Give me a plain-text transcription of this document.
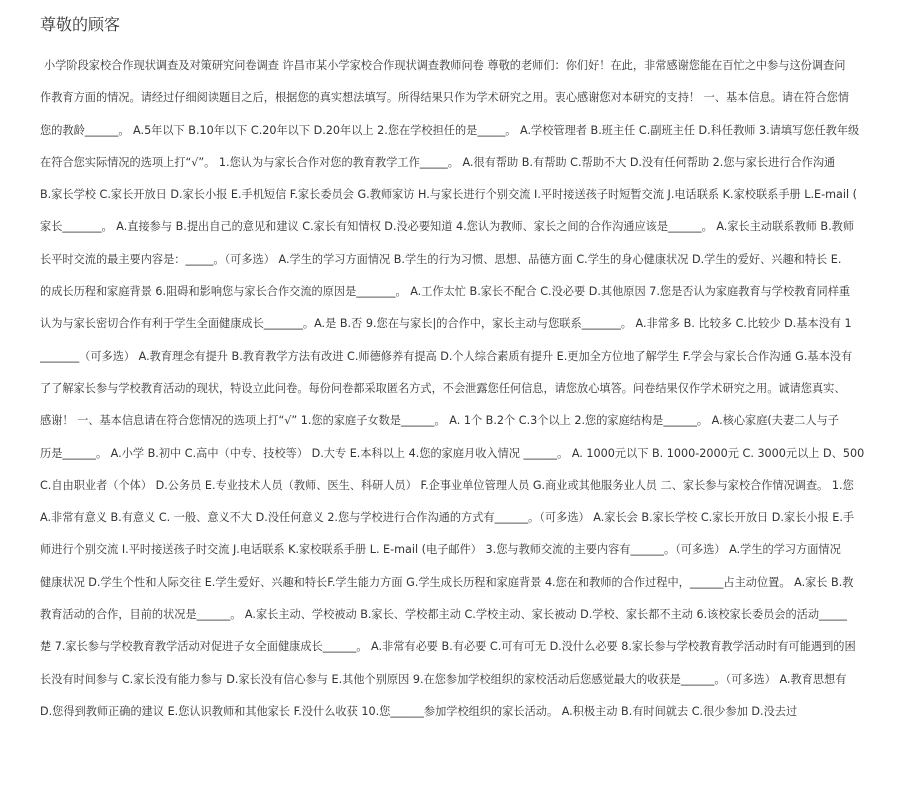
尊敬的顾客
小学阶段家校合作现状调查及对策研究问卷调查 许昌市某小学家校合作现状调查教师问卷 尊敬的老师们：你们好！在此，非常感谢您能在百忙之中参与这份调查问
作教育方面的情况。请经过仔细阅读题目之后，根据您的真实想法填写。所得结果只作为学术研究之用。衷心感谢您对本研究的支持！ 一、基本信息。请在符合您情
您的教龄______。 A.5年以下 B.10年以下 C.20年以下 D.20年以上 2.您在学校担任的是_____。 A.学校管理者 B.班主任 C.副班主任 D.科任教师 3.请填写您任教年级
在符合您实际情况的选项上打“√”。 1.您认为与家长合作对您的教育教学工作_____。 A.很有帮助 B.有帮助 C.帮助不大 D.没有任何帮助 2.您与家长进行合作沟通
B.家长学校 C.家长开放日 D.家长小报 E.手机短信 F.家长委员会 G.教师家访 H.与家长进行个别交流 I.平时接送孩子时短暂交流 J.电话联系 K.家校联系手册 L.E-mail (
家长_______。 A.直接参与 B.提出自己的意见和建议 C.家长有知情权 D.没必要知道 4.您认为教师、家长之间的合作沟通应该是______。 A.家长主动联系教师 B.教师
长平时交流的最主要内容是：_____。（可多选） A.学生的学习方面情况 B.学生的行为习惯、思想、品德方面 C.学生的身心健康状况 D.学生的爱好、兴趣和特长 E.
的成长历程和家庭背景 6.阻碍和影响您与家长合作交流的原因是_______。 A.工作太忙 B.家长不配合 C.没必要 D.其他原因 7.您是否认为家庭教育与学校教育同样重
认为与家长密切合作有利于学生全面健康成长_______。A.是 B.否 9.您在与家长|的合作中，家长主动与您联系_______。 A.非常多 B. 比较多 C.比较少 D.基本没有 1
_______（可多选） A.教育理念有提升 B.教育教学方法有改进 C.师德修养有提高 D.个人综合素质有提升 E.更加全方位地了解学生 F.学会与家长合作沟通 G.基本没有
了了解家长参与学校教育活动的现状，特设立此问卷。每份问卷都采取匿名方式，不会泄露您任何信息，请您放心填答。问卷结果仅作学术研究之用。诚请您真实、
感谢！ 一、基本信息请在符合您情况的选项上打“√” 1.您的家庭子女数是______。 A. 1个 B.2个 C.3个以上 2.您的家庭结构是______。 A.核心家庭(夫妻二人与子
历是______。 A.小学 B.初中 C.高中（中专、技校等） D.大专 E.本科以上 4.您的家庭月收入情况 ______。 A. 1000元以下 B. 1000-2000元 C. 3000元以上 D、500
C.自由职业者（个体） D.公务员 E.专业技术人员（教师、医生、科研人员） F.企事业单位管理人员 G.商业或其他服务业人员 二、家长参与家校合作情况调查。 1.您
A.非常有意义 B.有意义 C. 一般、意义不大 D.没任何意义 2.您与学校进行合作沟通的方式有______。（可多选） A.家长会 B.家长学校 C.家长开放日 D.家长小报 E.手
师进行个别交流 I.平时接送孩子时交流 J.电话联系 K.家校联系手册 L. E-mail (电子邮件） 3.您与教师交流的主要内容有______。（可多选） A.学生的学习方面情况
健康状况 D.学生个性和人际交往 E.学生爱好、兴趣和特长F.学生能力方面 G.学生成长历程和家庭背景 4.您在和教师的合作过程中，______占主动位置。 A.家长 B.教
教育活动的合作，目前的状况是______。 A.家长主动、学校被动 B.家长、学校都主动 C.学校主动、家长被动 D.学校、家长都不主动 6.该校家长委员会的活动_____
楚 7.家长参与学校教育教学活动对促进子女全面健康成长______。 A.非常有必要 B.有必要 C.可有可无 D.没什么必要 8.家长参与学校教育教学活动时有可能遇到的困
长没有时间参与 C.家长没有能力参与 D.家长没有信心参与 E.其他个别原因 9.在您参加学校组织的家校活动后您感觉最大的收获是______。（可多选） A.教育思想有
D.您得到教师正确的建议 E.您认识教师和其他家长 F.没什么收获 10.您______参加学校组织的家长活动。 A.积极主动 B.有时间就去 C.很少参加 D.没去过
